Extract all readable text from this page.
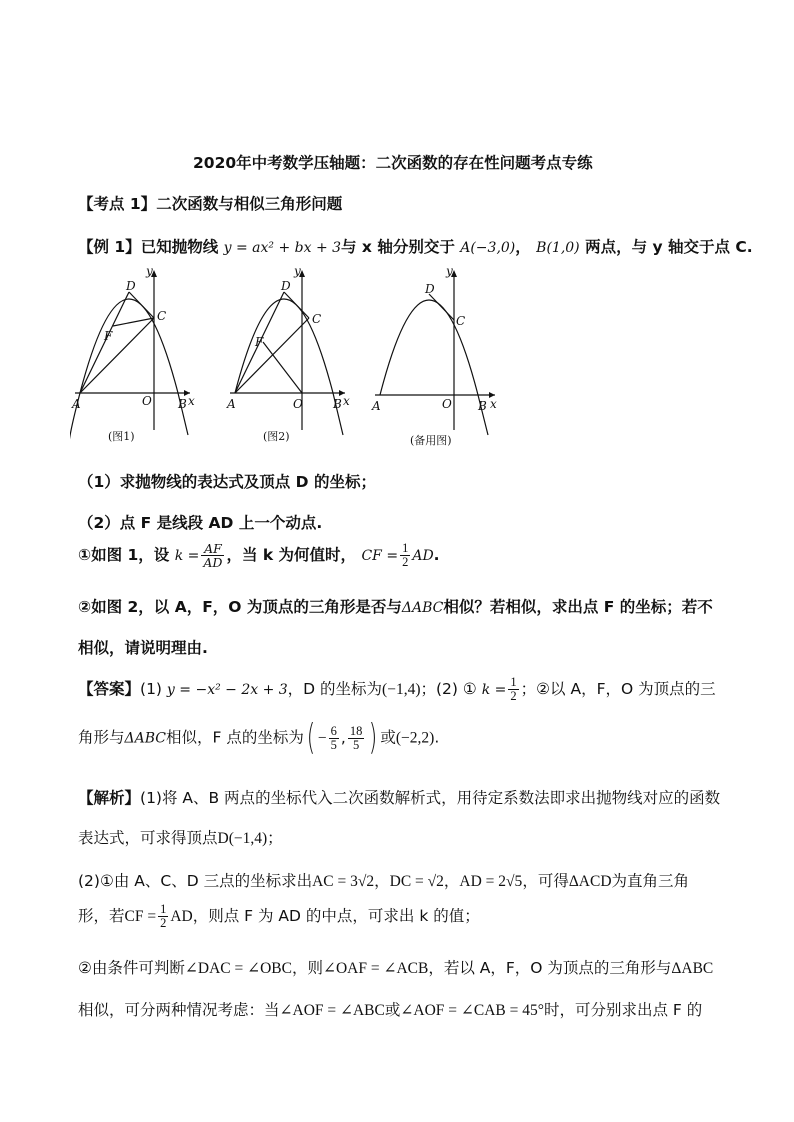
2020年中考数学压轴题：二次函数的存在性问题考点专练
【考点 1】二次函数与相似三角形问题
【例 1】已知抛物线 y = ax² + bx + 3与 x 轴分别交于 A(−3,0)， B(1,0) 两点，与 y 轴交于点 C.
D
C
F
A	O B x
y
(图1)
D
C
F
A	O	B x
y
(图2)
D
C
A	O B x
y
(备用图)
（1）求抛物线的表达式及顶点 D 的坐标；
（2）点 F 是线段 AD 上一个动点.
①如图 1，设 $k = \frac{AF}{AD}$ ，当 k 为何值时， CF = $\frac{1}{2}$ AD.
②如图 2，以 A，F，O 为顶点的三角形是否与ΔABC相似？若相似，求出点 F 的坐标；若不
相似，请说明理由.
【答案】(1) y = −x² − 2x + 3，D 的坐标为(−1,4)；(2) ① $k = \frac{1}{2}$ ；②以 A，F，O 为顶点的三
角形与ΔABC相似，F 点的坐标为( − $\frac{6}{5}$ , $\frac{18}{5}$ ) 或(−2,2).
【解析】(1)将 A、B 两点的坐标代入二次函数解析式，用待定系数法即求出抛物线对应的函数
表达式，可求得顶点D(−1,4)；
(2)①由 A、C、D 三点的坐标求出AC = 3√2，DC = √2，AD = 2√5，可得ΔACD为直角三角
形，若CF = $\frac{1}{2}$ AD，则点 F 为 AD 的中点，可求出 k 的值；
②由条件可判断∠DAC = ∠OBC，则∠OAF = ∠ACB，若以 A，F，O 为顶点的三角形与ΔABC
相似，可分两种情况考虑：当∠AOF = ∠ABC或∠AOF = ∠CAB = 45°时，可分别求出点 F 的
